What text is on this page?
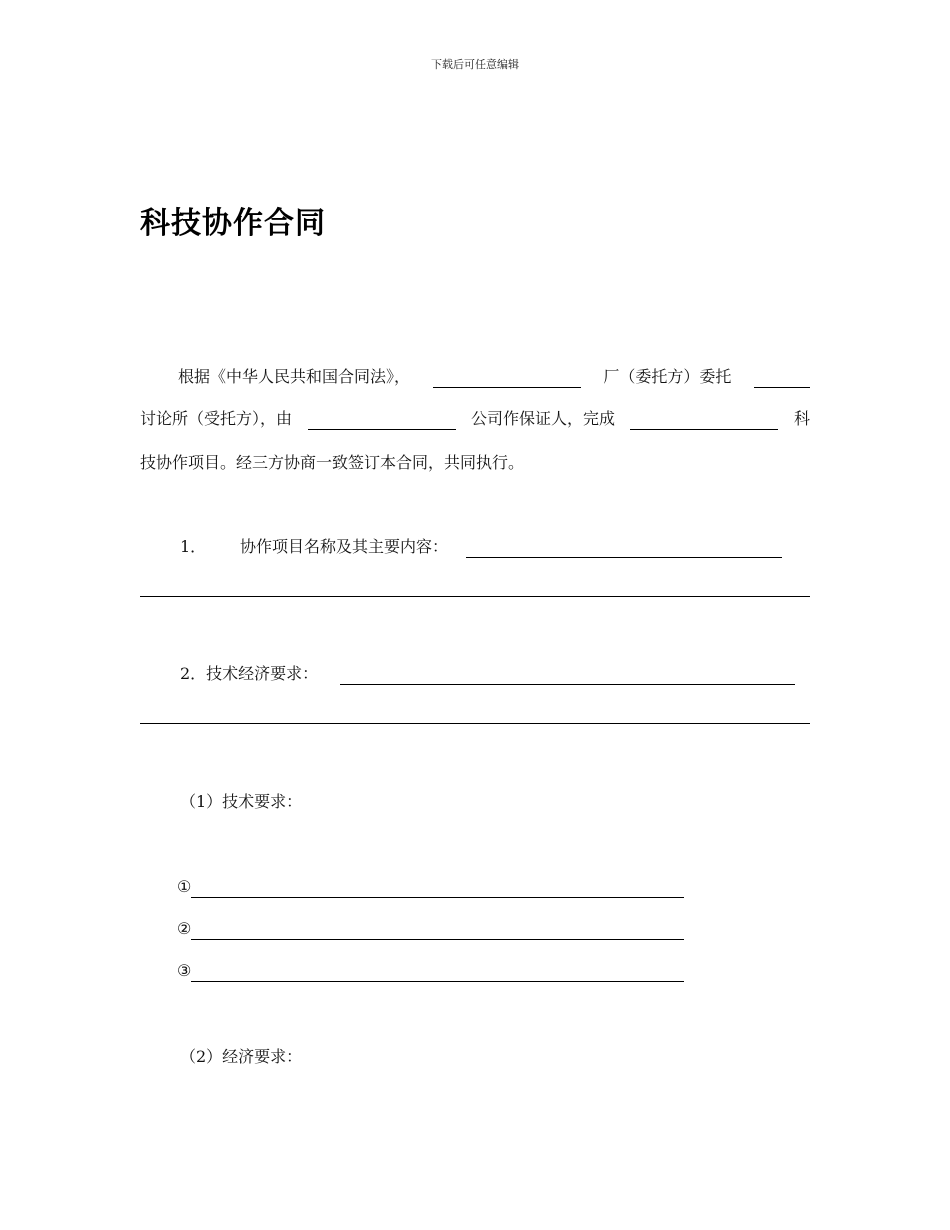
下载后可任意编辑
科技协作合同
根据《中华人民共和国合同法》，	厂（委托方）委托
讨论所（受托方），由	公司作保证人，完成	科
技协作项目。经三方协商一致签订本合同，共同执行。
1．	协作项目名称及其主要内容：
2．技术经济要求：
（1）技术要求：
①
②
③
（2）经济要求：
